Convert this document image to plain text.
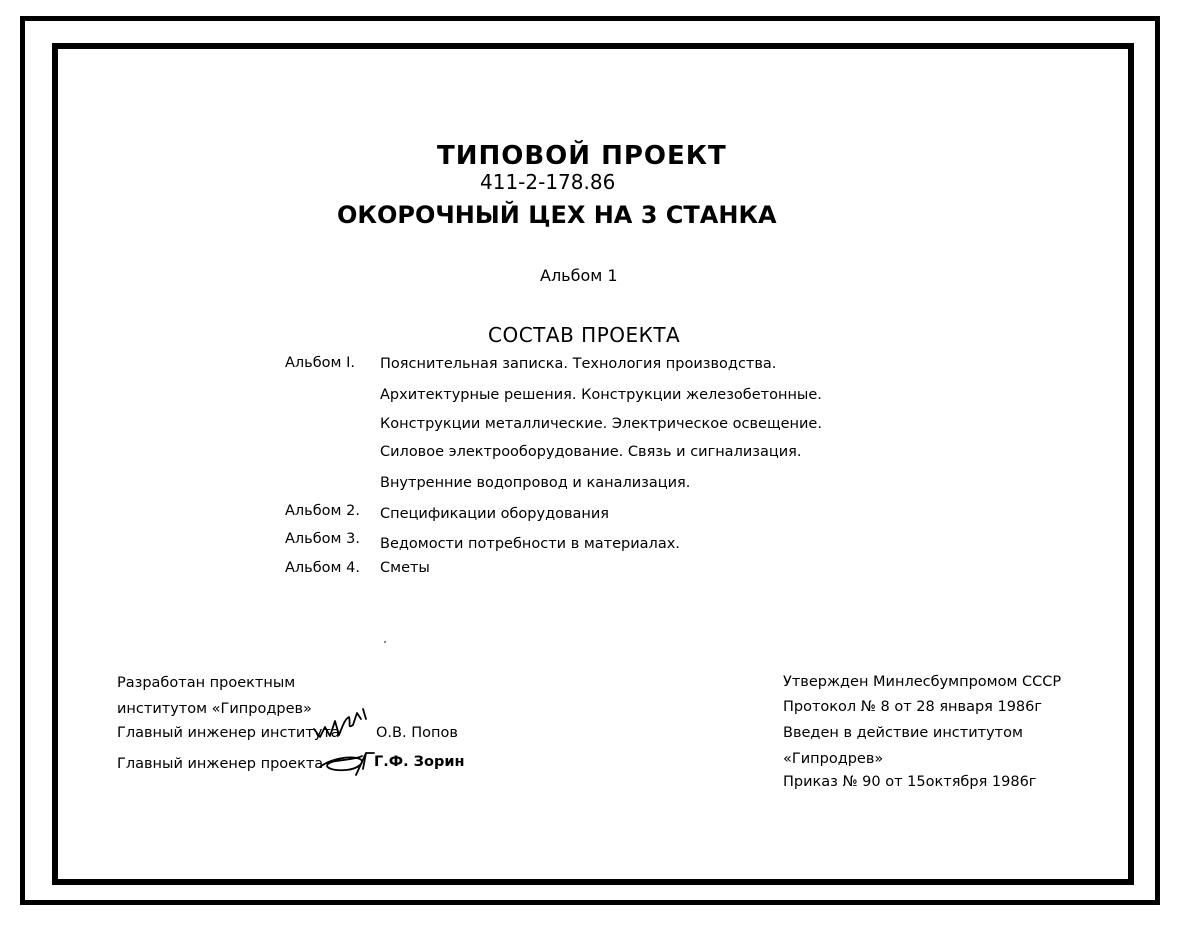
ТИПОВОЙ ПРОЕКТ
411-2-178.86
ОКОРОЧНЫЙ ЦЕХ НА 3 СТАНКА
Альбом 1
СОСТАВ ПРОЕКТА
Альбом I. Пояснительная записка. Технология производства.
Архитектурные решения. Конструкции железобетонные.
Конструкции металлические. Электрическое освещение.
Силовое электрооборудование. Связь и сигнализация.
Внутренние водопровод и канализация.
Альбом 2. Спецификации оборудования
Альбом 3. Ведомости потребности в материалах.
Альбом 4. Сметы
Разработан проектным
институтом «Гипродрев»
Главный инженер института	О.В. Попов
Главный инженер проекта	Г.Ф. Зорин
Утвержден Минлесбумпромом СССР
Протокол № 8 от 28 января 1986г
Введен в действие институтом
«Гипродрев»
Приказ № 90 от 15октября 1986г
